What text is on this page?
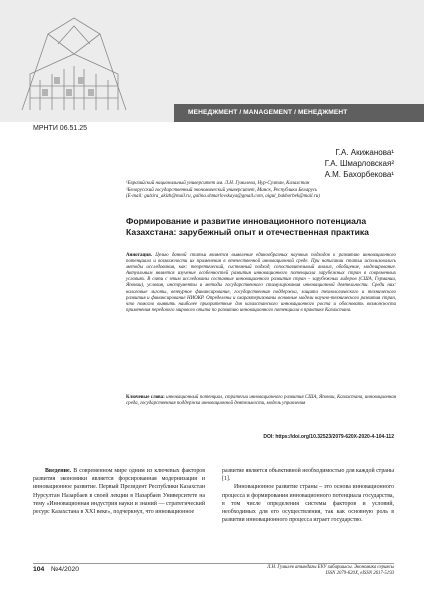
МЕНЕДЖМЕНТ / MANAGEMENT / МЕНЕДЖМЕНТ
МРНТИ 06.51.25
Г.А. Акижанова¹
Г.А. Шмарловская²
А.М. Бахорбекова¹
¹Евразийский национальный университет им. Л.Н. Гумилева, Нур-Султан, Казахстан
²Белорусский государственный экономический университет, Минск, Республика Беларусь
(E-mail: gulzira_akizh@mail.ru, galina.shmarlovskaya@gmail.com, aigul_bakhorbek@mail.ru)
Формирование и развитие инновационного потенциала Казахстана: зарубежный опыт и отечественная практика
Аннотация. Целью данной статьи является выявление единообразных научных подходов к развитию инновационного потенциала и возможности их применения в отечественной инновационной среде. При написании статьи использовались методы исследования, как: теоретический, системный подход, сопоставительный анализ, обобщение, моделирование. Актуальным является изучение особенностей развития инновационного потенциала зарубежных стран в современных условиях. В связи с этим исследованы составные инновационного развития стран – зарубежных лидеров (США, Германии, Японии), условия, инструменты и методы государственного стимулирования инновационной деятельности. Среди них: налоговые льготы, венчурное финансирование, государственная поддержка, защита технологического и технического развития и финансирование НИОКР. Определены и охарактеризованы основные модели научно-технического развития стран, что помогло выявить наиболее приоритетные для казахстанского инновационного роста и обосновать возможности применения передового мирового опыта по развитию инновационного потенциала в практике Казахстана.
Ключевые слова: инновационный потенциал, стратегии инновационного развития США, Японии, Казахстана, инновационная среда, государственная поддержка инновационной деятельности, модель управления
DOI: https://doi.org/10.32523/2079-620X-2020-4-104-112
Введение. В современном мире одним из ключевых факторов развития экономики является форсированная модернизация и инновационное развитие. Первый Президент Республики Казахстан Нурсултан Назарбаев в своей лекции в Назарбаев Университете на тему «Инновационная индустрия науки и знаний — стратегический ресурс Казахстана в XXI веке», подчеркнул, что инновационное
развитие является объективной необходимостью для каждой страны [1].
Инновационное развитие страны – это основа инновационного процесса и формирования инновационного потенциала государства, в том числе определения системы факторов и условий, необходимых для его осуществления, так как основную роль в развитии инновационного процесса играет государство.
104 №4/2020	Л.Н. Гумилев атындағы ЕҰУ хабаршысы. Экономика сериясы
ISSN 2079-620X, eISSN 2617-5193
